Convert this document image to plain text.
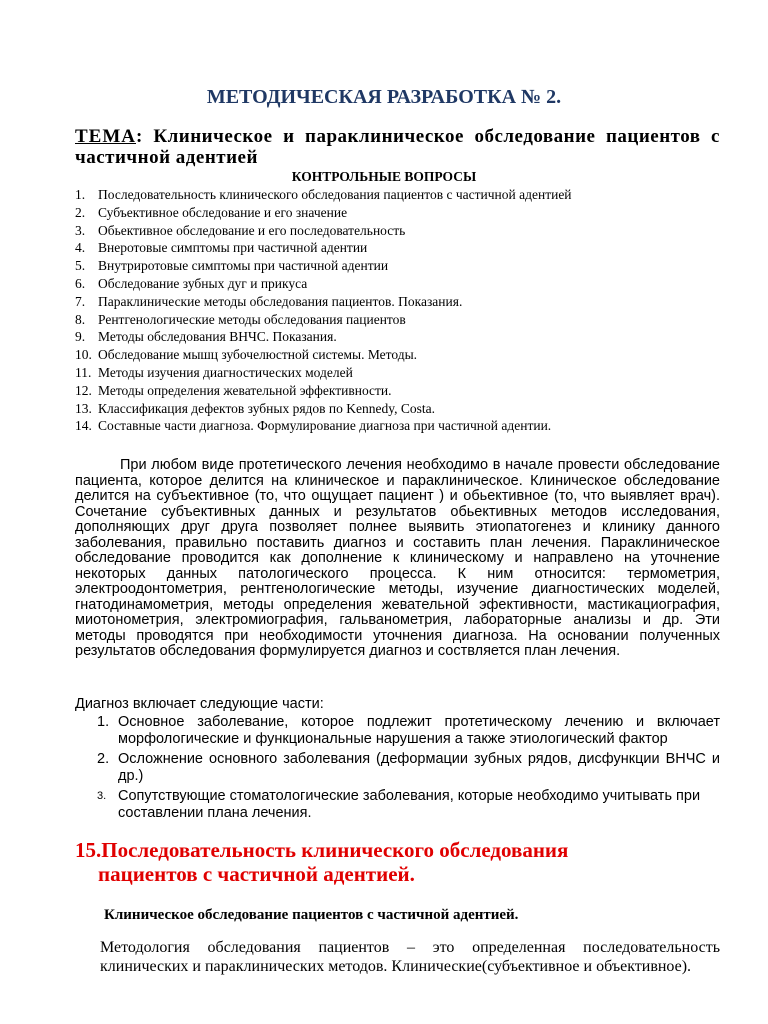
МЕТОДИЧЕСКАЯ РАЗРАБОТКА № 2.
ТЕМА: Клиническое и параклиническое обследование пациентов с частичной адентией
КОНТРОЛЬНЫЕ ВОПРОСЫ
1. Последовательность клинического обследования пациентов с частичной адентией
2. Субъективное обследование и его значение
3. Обьективное обследование и его последовательность
4. Внеротовые симптомы при частичной адентии
5. Внутриротовые симптомы при частичной адентии
6. Обследование зубных дуг и прикуса
7. Параклинические методы обследования пациентов. Показания.
8. Рентгенологические методы обследования пациентов
9. Методы обследования ВНЧС. Показания.
10. Обследование мышц зубочелюстной системы. Методы.
11. Методы изучения диагностических моделей
12. Методы определения жевательной эффективности.
13. Классификация дефектов зубных рядов по Kennedy, Costa.
14. Составные части диагноза. Формулирование диагноза при частичной адентии.
При любом виде протетического лечения необходимо в начале провести обследование пациента, которое делится на клиническое и параклиническое. Клиническое обследование делится на субъективное (то, что ощущает пациент ) и обьективное (то, что выявляет врач). Сочетание субъективных данных и результатов обьективных методов исследования, дополняющих друг друга позволяет полнее выявить этиопатогенез и клинику данного заболевания, правильно поставить диагноз и составить план лечения. Параклиническое обследование проводится как дополнение к клиническому и направлено на уточнение некоторых данных патологического процесса. К ним относится: термометрия, электроодонтометрия, рентгенологические методы, изучение диагностических моделей, гнатодинамометрия, методы определения жевательной эфективности, мастикациография, миотонометрия, электромиография, гальванометрия, лабораторные анализы и др. Эти методы проводятся при необходимости уточнения диагноза. На основании полученных результатов обследования формулируется диагноз и соствляется план лечения.
Диагноз включает следующие части:
1. Основное заболевание, которое подлежит протетическому лечению и включает морфологические и функциональные нарушения а также этиологический фактор
2. Осложнение основного заболевания (деформации зубных рядов, дисфункции ВНЧС и др.)
3. Сопутствующие стоматологические заболевания, которые необходимо учитывать при составлении плана лечения.
15.Последовательность клинического обследования
пациентов с частичной адентией.
Клиническое обследование пациентов с частичной адентией.
Методология обследования пациентов – это определенная последовательность клинических и параклинических методов. Клинические(субъективное и объективное).
